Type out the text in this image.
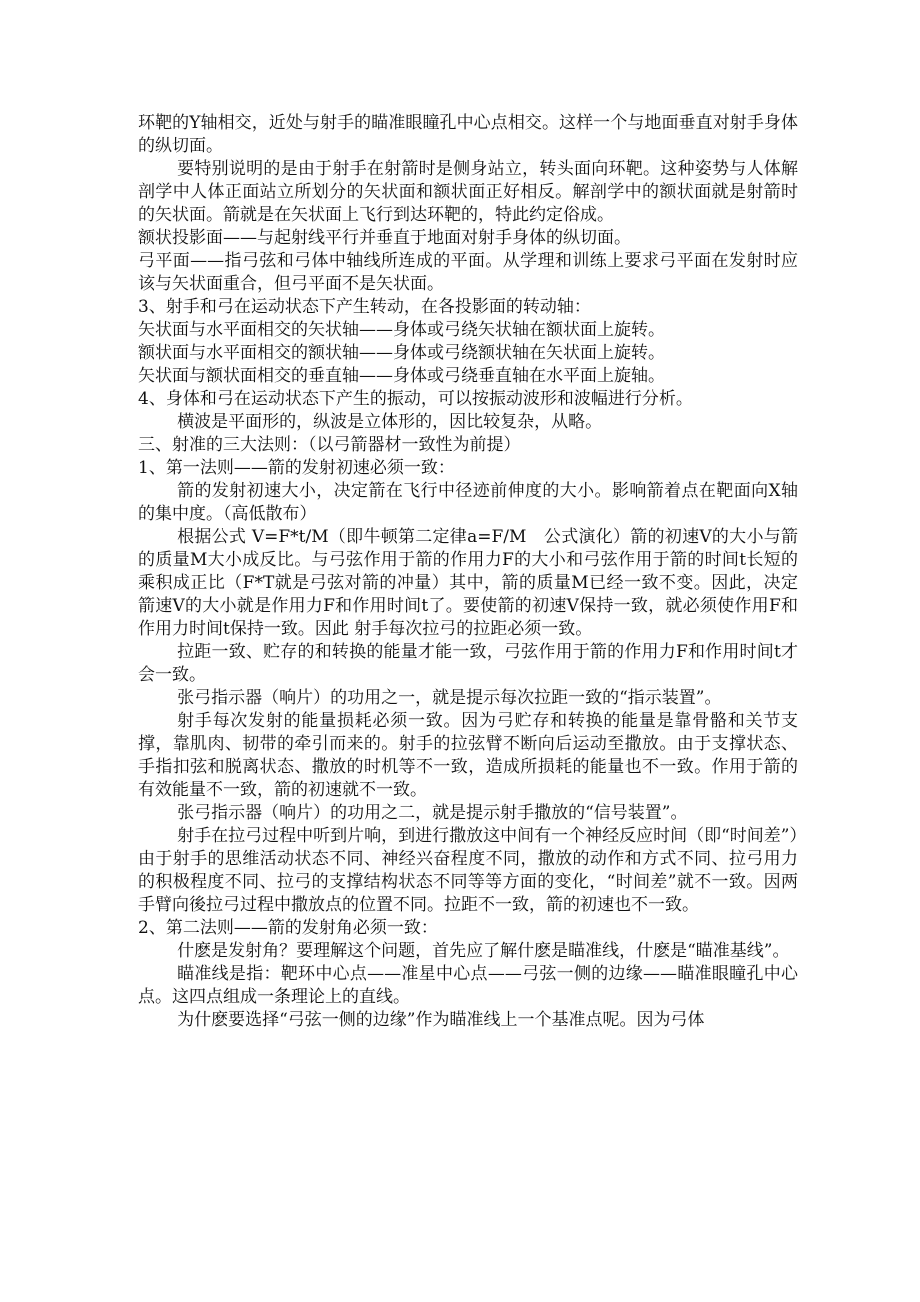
环靶的Y轴相交，近处与射手的瞄准眼瞳孔中心点相交。这样一个与地面垂直对射手身体的纵切面。

要特别说明的是由于射手在射箭时是侧身站立，转头面向环靶。这种姿势与人体解剖学中人体正面站立所划分的矢状面和额状面正好相反。解剖学中的额状面就是射箭时的矢状面。箭就是在矢状面上飞行到达环靶的，特此约定俗成。

额状投影面——与起射线平行并垂直于地面对射手身体的纵切面。

弓平面——指弓弦和弓体中轴线所连成的平面。从学理和训练上要求弓平面在发射时应该与矢状面重合，但弓平面不是矢状面。

3、射手和弓在运动状态下产生转动，在各投影面的转动轴：

矢状面与水平面相交的矢状轴——身体或弓绕矢状轴在额状面上旋转。

额状面与水平面相交的额状轴——身体或弓绕额状轴在矢状面上旋转。

矢状面与额状面相交的垂直轴——身体或弓绕垂直轴在水平面上旋轴。

4、身体和弓在运动状态下产生的振动，可以按振动波形和波幅进行分析。

横波是平面形的，纵波是立体形的，因比较复杂，从略。

三、射准的三大法则：（以弓箭器材一致性为前提）

1、第一法则——箭的发射初速必须一致：

箭的发射初速大小，决定箭在飞行中径迹前伸度的大小。影响箭着点在靶面向X轴的集中度。（高低散布）

根据公式 V=F*t/M（即牛顿第二定律a=F/M　公式演化）箭的初速V的大小与箭的质量M大小成反比。与弓弦作用于箭的作用力F的大小和弓弦作用于箭的时间t长短的乘积成正比（F*T就是弓弦对箭的冲量）其中，箭的质量M已经一致不变。因此，决定箭速V的大小就是作用力F和作用时间t了。要使箭的初速V保持一致，就必须使作用F和作用力时间t保持一致。因此 射手每次拉弓的拉距必须一致。

拉距一致、贮存的和转换的能量才能一致，弓弦作用于箭的作用力F和作用时间t才会一致。

张弓指示器（响片）的功用之一，就是提示每次拉距一致的“指示装置”。

射手每次发射的能量损耗必须一致。因为弓贮存和转换的能量是靠骨骼和关节支撑，靠肌肉、韧带的牵引而来的。射手的拉弦臂不断向后运动至撒放。由于支撑状态、手指扣弦和脱离状态、撒放的时机等不一致，造成所损耗的能量也不一致。作用于箭的有效能量不一致，箭的初速就不一致。

张弓指示器（响片）的功用之二，就是提示射手撒放的“信号装置”。

射手在拉弓过程中听到片响，到进行撒放这中间有一个神经反应时间（即“时间差”）由于射手的思维活动状态不同、神经兴奋程度不同，撒放的动作和方式不同、拉弓用力的积极程度不同、拉弓的支撑结构状态不同等等方面的变化，“时间差”就不一致。因两手臂向後拉弓过程中撒放点的位置不同。拉距不一致，箭的初速也不一致。

2、第二法则——箭的发射角必须一致：

什麽是发射角？要理解这个问题，首先应了解什麽是瞄准线，什麽是“瞄准基线”。

瞄准线是指：靶环中心点——准星中心点——弓弦一侧的边缘——瞄准眼瞳孔中心点。这四点组成一条理论上的直线。

为什麽要选择“弓弦一侧的边缘”作为瞄准线上一个基准点呢。因为弓体
